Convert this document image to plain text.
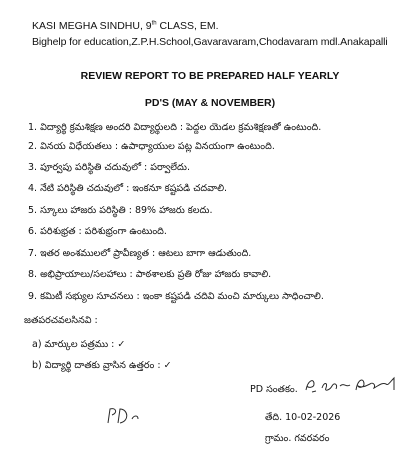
KASI MEGHA SINDHU, 9th CLASS, EM.
Bighelp for education,Z.P.H.School,Gavaravaram,Chodavaram mdl.Anakapalli
REVIEW REPORT TO BE PREPARED HALF YEARLY
PD'S (MAY & NOVEMBER)
1. విద్యార్థి క్రమశిక్షణ అందరి విద్యార్థులది : పెద్దల యెడల క్రమశిక్షణతో ఉంటుంది.
2. వినయ విధేయతలు : ఉపాధ్యాయుల పట్ల వినయంగా ఉంటుంది.
3. పూర్వపు పరిస్థితి చదువులో : పర్వాలేదు.
4. నేటి పరిస్థితి చదువులో : ఇంకనూ కష్టపడి చదవాలి.
5. స్కూలు హాజరు పరిస్థితి : 89% హాజరు కలదు.
6. పరిశుభ్రత : పరిశుభ్రంగా ఉంటుంది.
7. ఇతర అంశములలో ప్రావీణ్యత : ఆటలు బాగా ఆడుతుంది.
8. అభిప్రాయాలు/సలహాలు : పాఠశాలకు ప్రతి రోజు హాజరు కావాలి.
9. కమిటీ సభ్యుల సూచనలు : ఇంకా కష్టపడి చదివి మంచి మార్కులు సాధించాలి.
జతపరచవలసినవి :
a) మార్కుల పత్రము : ✓
b) విద్యార్థి దాతకు వ్రాసిన ఉత్తరం : ✓
PD సంతకం.
తేది. 10-02-2026
గ్రామం. గవరవరం
